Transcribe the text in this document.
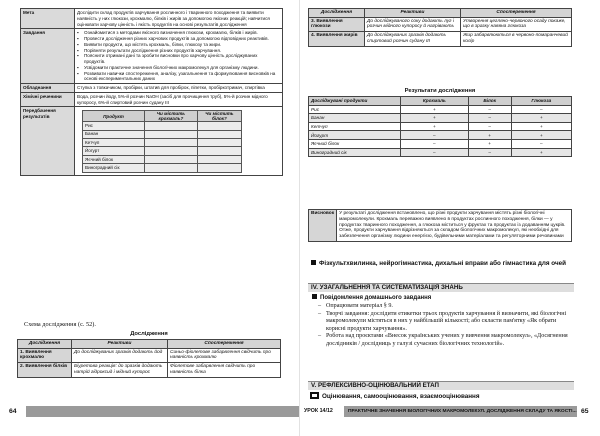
Мета	Дослідити склад продуктів харчування рослинного і тваринного походження та виявити наявність у них глюкози, крохмалю, білків і жирів за допомогою якісних реакцій; навчитися оцінювати харчову цінність і якість продуктів на основі результатів дослідження
Завдання	
▪Ознайомитися з методами якісного визначення глюкози, крохмалю, білків і жирів.
▪ Провести дослідження різних харчових продуктів за допомогою відповідних реактивів.
▪ Виявити продукти, що містять крохмаль, білки, глюкозу та жири.
▪ Порівняти результати дослідження різних продуктів харчування.
▪ Пояснити отримані дані та зробити висновки про харчову цінність досліджуваних продуктів.
▪ Усвідомити практичне значення біологічних макромолекул для організму людини.
▪ Розвивати навички спостереження, аналізу, узагальнення та формулювання висновків на основі експериментальних даних

Обладнання	Ступка з товкачиком, пробірки, штатив для пробірок, піпетки, пробіркотримач, спиртівка
Хімічні реченини	Вода, розчин йоду, 5%-й розчин NaOH (засіб для прочищення труб), 5%-й розчин мідного купоросу, 6%-й спиртовий розчин судану ІІІ
Передбачення результатів		Продукт	Чи містить крохмаль?	Чи містить білок?
Рис		
Банан		
Кетчуп		
Йогурт		
Яєчний білок		
Виноградний сік		
Схема дослідження (с. 52).
Дослідження
Дослідження	Реактиви	Спостереження
1. Виявлення крохмалю	До досліджуваних зразків додають йод	Синьо-фіолетове забарвлення свідчить про наявність крохмалю
2. Виявлення білків	Біуретова реакція: до зразків додають натрій гідроксид і мідний купорос	Фіолетове забарвлення свідчить про наявність білка
64
Дослідження	Реактиви	Спостереження
3. Виявлення глюкози	До досліджуваного соку додають луг і розчин мідного купоросу й нагрівають	Утворення цегляно-червоного осаду покаже, що в зразку наявна глюкоза
4. Виявлення жирів	До досліджуваних зразків додають спиртовий розчин судану ІІІ	Жир забарвлюються в червоно-помаранчевий колір
Результати дослідження
Досліджувані продукти	Крохмаль	Білок	Глюкоза
Рис	+	–	–
Банан	+	–	+
Кетчуп	+	–	+
Йогурт	–	+	+
Яєчний білок	–	+	–
Виноградний сік	–	–	+
Висновок	У результаті дослідження встановлено, що різні продукти харчування містять різні біологічні макромолекули. Крохмаль переважно виявлено в продуктах рослинного походження, білки — у продуктах тваринного походження, а глюкоза міститься у фруктах та продуктах із додаванням цукрів. Отже, продукти харчування відрізняються за складом біологічних макромолекул, які необхідні для забезпечення організму людини енергією, будівельними матеріалами та регуляторними речовинами
Фізкультхвилинка, нейрогімнастика, дихальні вправи або гімнастика для очей
IV. УЗАГАЛЬНЕННЯ ТА СИСТЕМАТИЗАЦІЯ ЗНАНЬ
Повідомлення домашнього завдання
– Опрацювати матеріал § 9.
– Творчі завдання: дослідити етикетки трьох продуктів харчування й визначити, які біологічні макромолекули містяться в них у найбільшій кількості; або скласти пам'ятку «Як обрати корисні продукти харчування».
– Робота над проєктами «Внесок українських учених у вивчення макромолекул», «Досягнення дослідників / дослідниць у галузі сучасних біологічних технологій».
V. РЕФЛЕКСИВНО-ОЦІНЮВАЛЬНИЙ ЕТАП
Оцінювання, самооцінювання, взаємооцінювання
УРОК 14/12	ПРАКТИЧНЕ ЗНАЧЕННЯ БІОЛОГІЧНИХ МАКРОМОЛЕКУЛ. ДОСЛІДЖЕННЯ СКЛАДУ ТА ЯКОСТІ... 65
